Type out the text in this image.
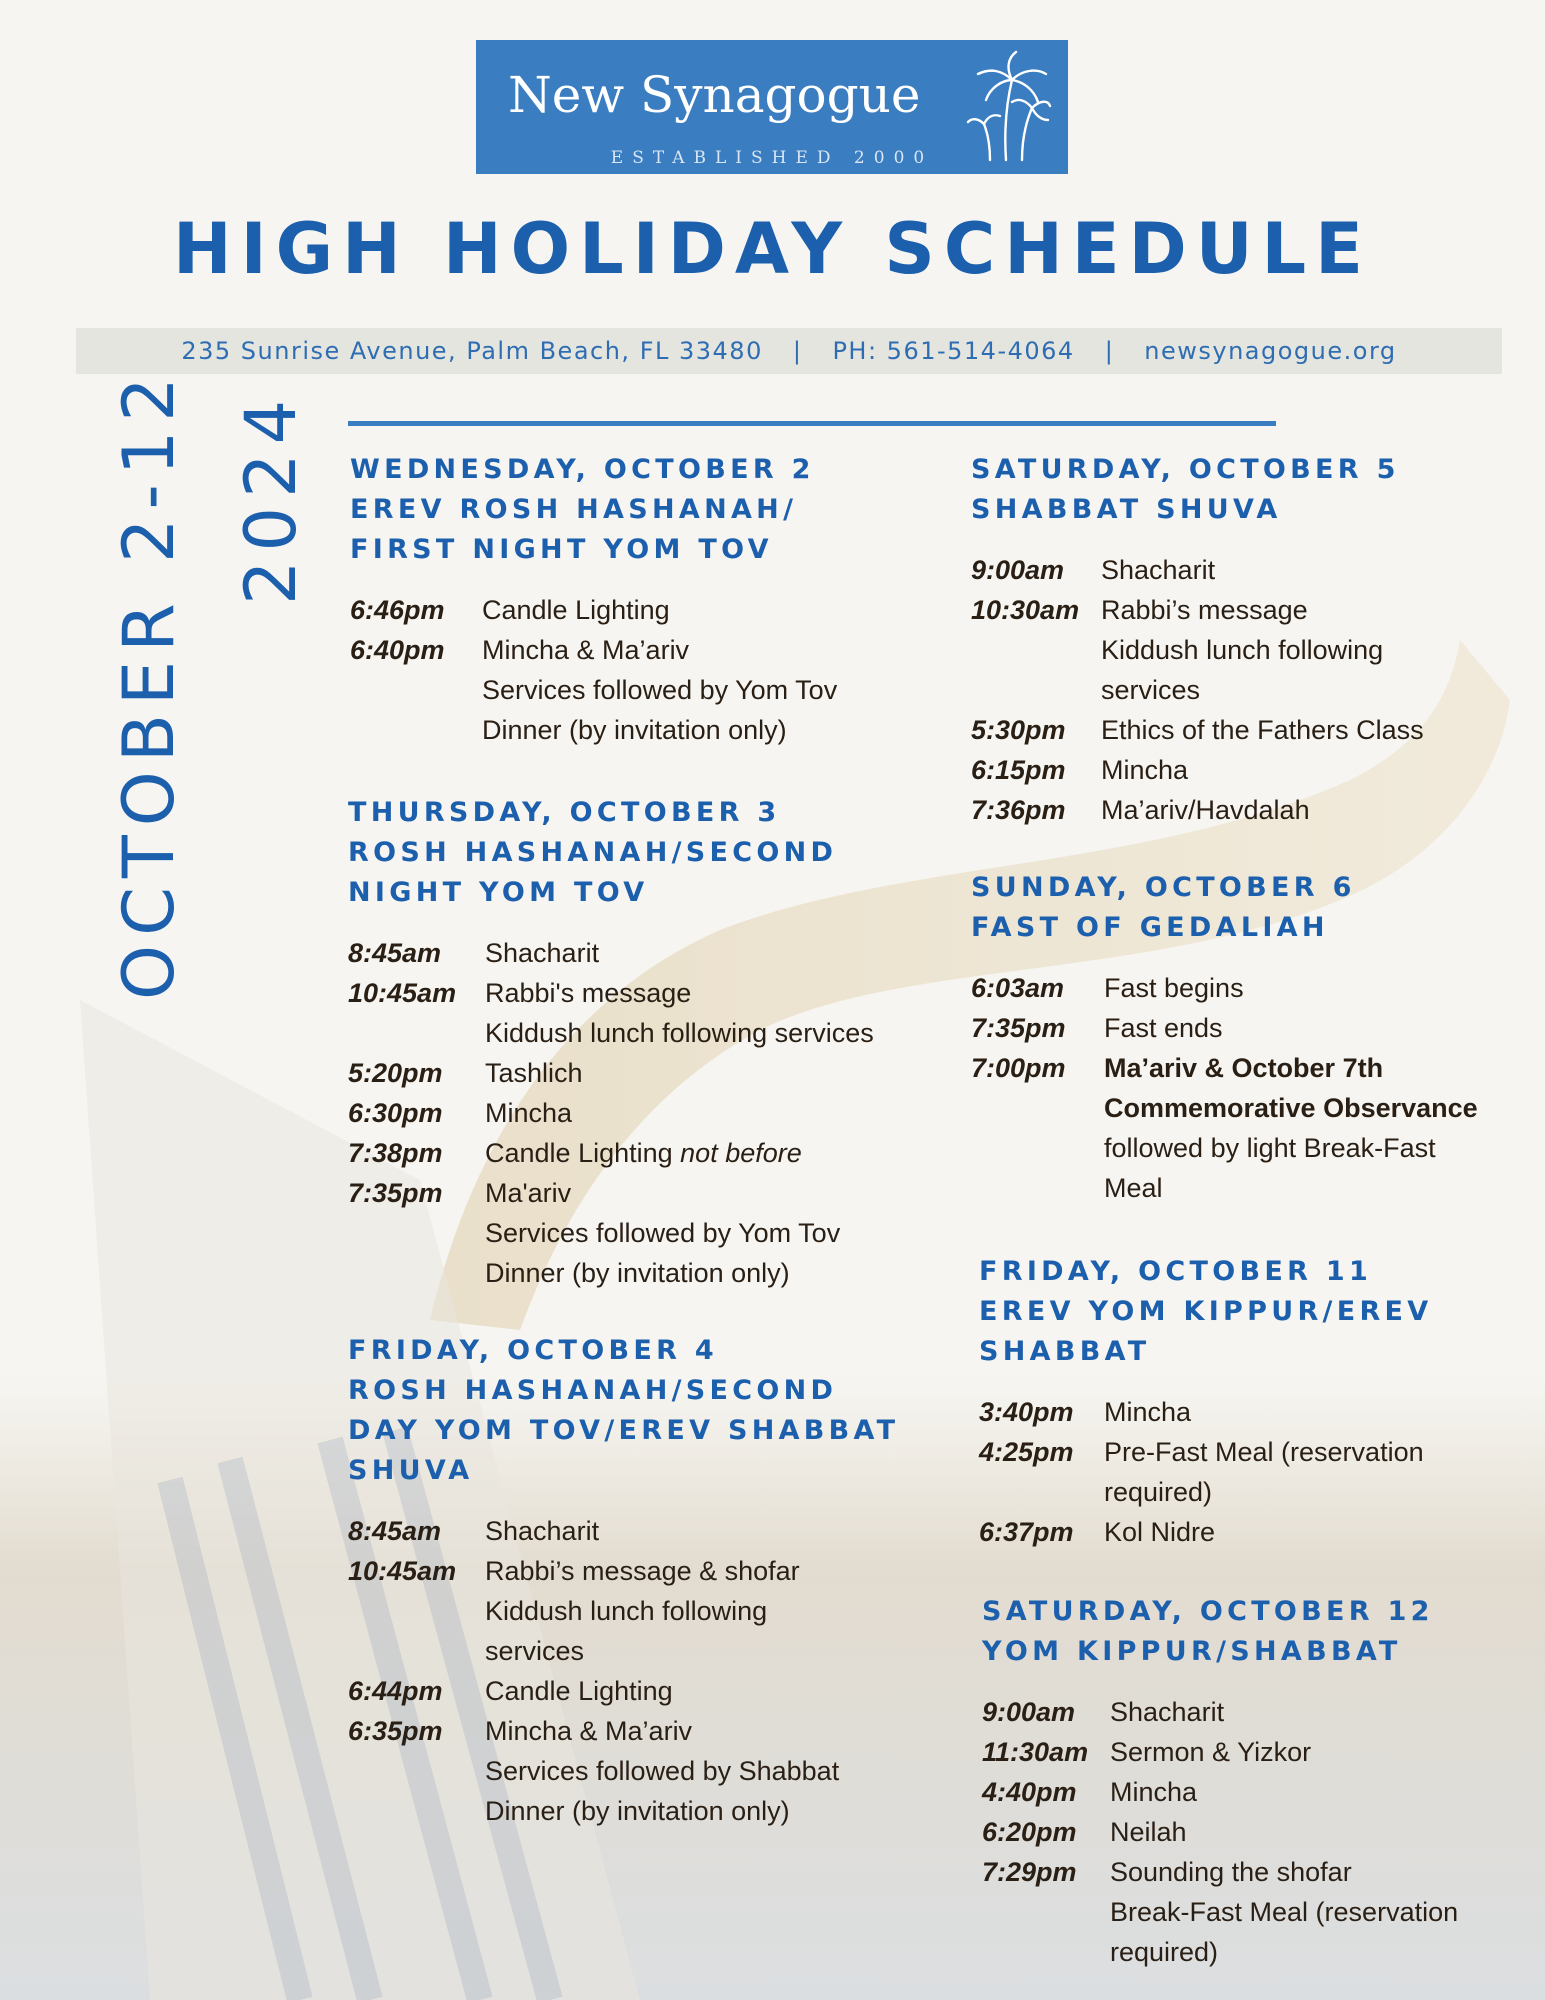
New Synagogue
ESTABLISHED 2000
HIGH HOLIDAY SCHEDULE
235 Sunrise Avenue, Palm Beach, FL 33480 | PH: 561-514-4064 | newsynagogue.org
OCTOBER 2-12 2024 WEDNESDAY, OCTOBER 2
EREV ROSH HASHANAH/
FIRST NIGHT YOM TOV
6:46pm	Candle Lighting
6:40pm	Mincha & Ma’ariv
Services followed by Yom Tov
Dinner (by invitation only)
THURSDAY, OCTOBER 3
ROSH HASHANAH/SECOND
NIGHT YOM TOV
8:45am	Shacharit
10:45am	Rabbi's message
Kiddush lunch following services
5:20pm	Tashlich
6:30pm	Mincha
7:38pm	Candle Lighting not before
7:35pm	Ma'ariv
Services followed by Yom Tov
Dinner (by invitation only)
FRIDAY, OCTOBER 4
ROSH HASHANAH/SECOND
DAY YOM TOV/EREV SHABBAT
SHUVA
8:45am	Shacharit
10:45am	Rabbi’s message & shofar
Kiddush lunch following
services
6:44pm	Candle Lighting
6:35pm	Mincha & Ma’ariv
Services followed by Shabbat
Dinner (by invitation only)
SATURDAY, OCTOBER 5
SHABBAT SHUVA
9:00am	Shacharit
10:30am Rabbi’s message
Kiddush lunch following
services
5:30pm	Ethics of the Fathers Class
6:15pm	Mincha
7:36pm	Ma’ariv/Havdalah
SUNDAY, OCTOBER 6
FAST OF GEDALIAH
6:03am	Fast begins
7:35pm	Fast ends
7:00pm	Ma’ariv & October 7th
Commemorative Observance
followed by light Break-Fast
Meal
FRIDAY, OCTOBER 11
EREV YOM KIPPUR/EREV
SHABBAT
3:40pm	Mincha
4:25pm	Pre-Fast Meal (reservation
required)
6:37pm	Kol Nidre
SATURDAY, OCTOBER 12
YOM KIPPUR/SHABBAT
9:00am	Shacharit
11:30am Sermon & Yizkor
4:40pm	Mincha
6:20pm	Neilah
7:29pm	Sounding the shofar
Break-Fast Meal (reservation
required)
